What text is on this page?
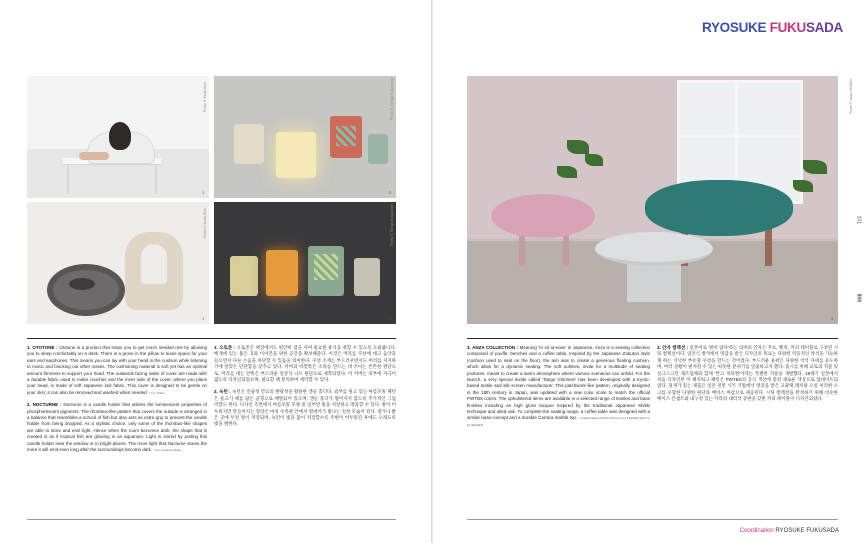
Photo © Keita Hiroi
1
Photo © Shinya Kawamoto
2
Photo © Keita Hiroi
1
Photo © Shinya Kawamoto
2

1. OTOTONE : Ototone is a product that helps you to get much needed rest by allowing you to sleep comfortably on a desk. There is a grove in the pillow to leave space for your ears and earphones. This means you can lay with your head in the cushion while listening to music and blocking out other noises. The cushioning material is soft yet has an optimal amount firmness to support your head. The outwards facing sides of cover are made with a durable fabric used to make couches and the inner side of the cover, where you place your head, is made of soft Japanese knit fabric. This cover is designed to be gentle on your skin; it can also be removed and washed when needed. * For Tribee

2. NOCTURNE : Nocturne is a candle holder that utilises the luminescent properties of phosphorescent pigments. The rhombus-like pattern that covers the outside is arranged in a balance that resembles a school of fish but also acts as extra grip to prevent the candle holder from being dropped. As a stylistic choice, only some of the rhombus-like shapes are able to store and emit light. Hence when the room becomes dark, the shape that is created is as if tropical fish are glowing in an aquarium. Light is stored by putting this candle holder near the window or in bright places. The more light that Nocturne stores the more it will emit even long after the surroundings become dark. * For Ceramic Japan

1. 오토톤 : 오토톤은 책상에서도 편안히 잠을 자며 필요한 휴식을 취할 수 있도록 도와줍니다. 베개에 있는 홈은 귀와 이어폰을 위한 공간을 확보해준다. 이것은 머리를 쿠션에 대고 음악을 들으면서 다른 소음을 차단할 수 있음을 의미한다. 쿠션 소재는 부드러우면서도 머리를 지지하기에 알맞은 단단함을 갖추고 있다. 커버의 바깥쪽은 소파를 만드는 데 쓰이는 튼튼한 원단으로, 머리를 대는 안쪽은 부드러운 일본식 니트 원단으로 제작되었다. 이 커버는 피부에 자극이 없도록 디자인되었으며, 필요할 때 분리하여 세탁할 수 있다.

2. 녹턴 : 녹턴은 인광성 안료의 발광성을 활용한 캔들 홀더다. 외부를 덮고 있는 마름모꼴 패턴은 물고기 떼를 닮은 균형으로 배열되어 있으며, 캔들 홀더가 떨어지지 않도록 추가적인 그립 역할도 한다. 디자인 측면에서 마름모꼴 모양 중 일부만 빛을 저장하고 방출할 수 있다. 방이 어두워지면 만들어지는 형상은 마치 수족관 안에서 열대어가 빛나는 듯한 모습이 된다. 창가나 밝은 곳에 두면 빛이 저장되며, 녹턴이 빛을 많이 저장할수록 주변이 어두워진 후에도 오래도록 빛을 발한다.

RYOSUKE FUKUSADA
Photo © Anza GRAND
3

3. ANZA COLLECTION : Meaning 'to sit at-ease' in Japanese, Anza is a seating collection composed of pouffe, benches and a coffee table. Inspired by the Japanese Zabuton style (cushion used to seat on the floor), the aim was to create a generous floating cushion, which allow for a dynamic seating. The soft outlines, invite for a multitude of seating postures, meant to create a warm atmosphere where various scenarios can unfold. For the launch, a very special textile called 'Tango Chirimen' has been developed with a Kyoto-based textile and silk screen manufacturer. This patchwork like pattern, originally designed in the 18th century in Japan, was updated with a new color scale to match the official PWTBS colors. The upholstered items are available in a selected range of textiles and base finishes including an high gloss lacquer inspired by the traditional Japanese Shikki technique and oiled oak. To complete the seating range, a coffee table was designed with a similar base concept and a durable Carrara marble top. * Collaboration with Per Pierre is for PLEASE WAIT to be SEATED

3. 안자 컬렉션 : 일본어로 '편히 앉다'라는 의미의 안자는 푸프, 벤치, 커피 테이블로 구성된 시팅 컬렉션이다. 일본식 방석에서 영감을 받은 디자인의 목표는 다양한 역동적인 착석을 가능하게 하는 넉넉한 부유형 쿠션을 만드는 것이었다. 부드러운 윤곽은 다양한 착석 자세를 유도하며, 여러 상황이 펼쳐질 수 있는 따뜻한 분위기를 연출하고자 했다. 출시를 위해 교토의 직물 및 실크스크린 제조업체와 함께 '탄고 치리멘'이라는 특별한 직물을 개발했다. 18세기 일본에서 처음 디자인된 이 패치워크 패턴은 PWTBS의 공식 색상에 맞춰 새로운 색상으로 업데이트되었다. 덮개가 있는 제품은 일본 전통 시키 기법에서 영감을 받은 고광택 래커와 오일 처리한 오크를 포함한 다양한 원단과 베이스 마감으로 제공된다. 시팅 컬렉션을 완성하기 위해 비슷한 베이스 콘셉트와 내구성 있는 카라라 대리석 상판을 갖춘 커피 테이블이 디자인되었다.

101
808
Coordination RYOSUKE FUKUSADA
